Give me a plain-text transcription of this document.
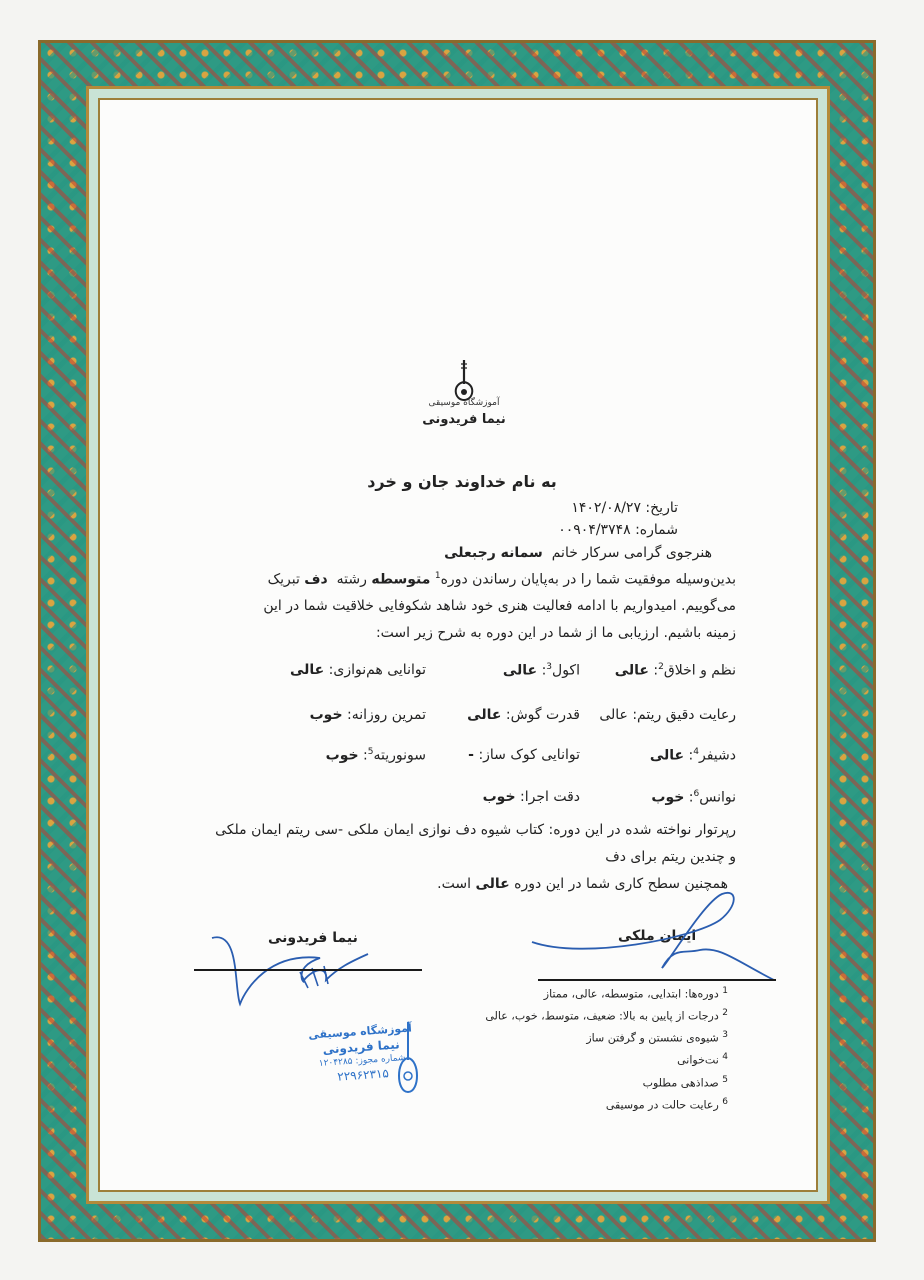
آموزشگاه موسیقی
نیما فریدونی
به نام خداوند جان و خرد
تاریخ: ۱۴۰۲/۰۸/۲۷
شماره: ۰۰۹۰۴/۳۷۴۸
هنرجوی گرامی سرکار خانم  سمانه رجبعلی
بدین‌وسیله موفقیت شما را در به‌پایان رساندن دوره$^1$ متوسطه رشته  دف تبریک
می‌گوییم. امیدواریم با ادامه فعالیت هنری خود شاهد شکوفایی خلاقیت شما در این
زمینه باشیم. ارزیابی ما از شما در این دوره به شرح زیر است:
نظم و اخلاق$^2$: عالی
اکول$^3$: عالی
توانایی هم‌نوازی: عالی
رعایت دقیق ریتم: عالی
قدرت گوش: عالی
تمرین روزانه: خوب
دشیفر$^4$: عالی
توانایی کوک ساز: -
سونوریته$^5$: خوب
نوانس$^6$: خوب
دقت اجرا: خوب
رپرتوار نواخته شده در این دوره: کتاب شیوه دف نوازی ایمان ملکی -سی ریتم ایمان ملکی
و چندین ریتم برای دف
همچنین سطح کاری شما در این دوره عالی است.
نیما فریدونی	ایمان ملکی
آموزشگاه موسیقی
نیما فریدونی
شماره مجوز: ۱۲۰۴۲۸۵
۲۲۹۶۲۳۱۵
$^1$ دوره‌ها: ابتدایی، متوسطه، عالی، ممتاز
$^2$ درجات از پایین به بالا: ضعیف، متوسط، خوب، عالی
$^3$ شیوه‌ی نشستن و گرفتن ساز
$^4$ نت‌خوانی
$^5$ صداذهی مطلوب
$^6$ رعایت حالت در موسیقی
